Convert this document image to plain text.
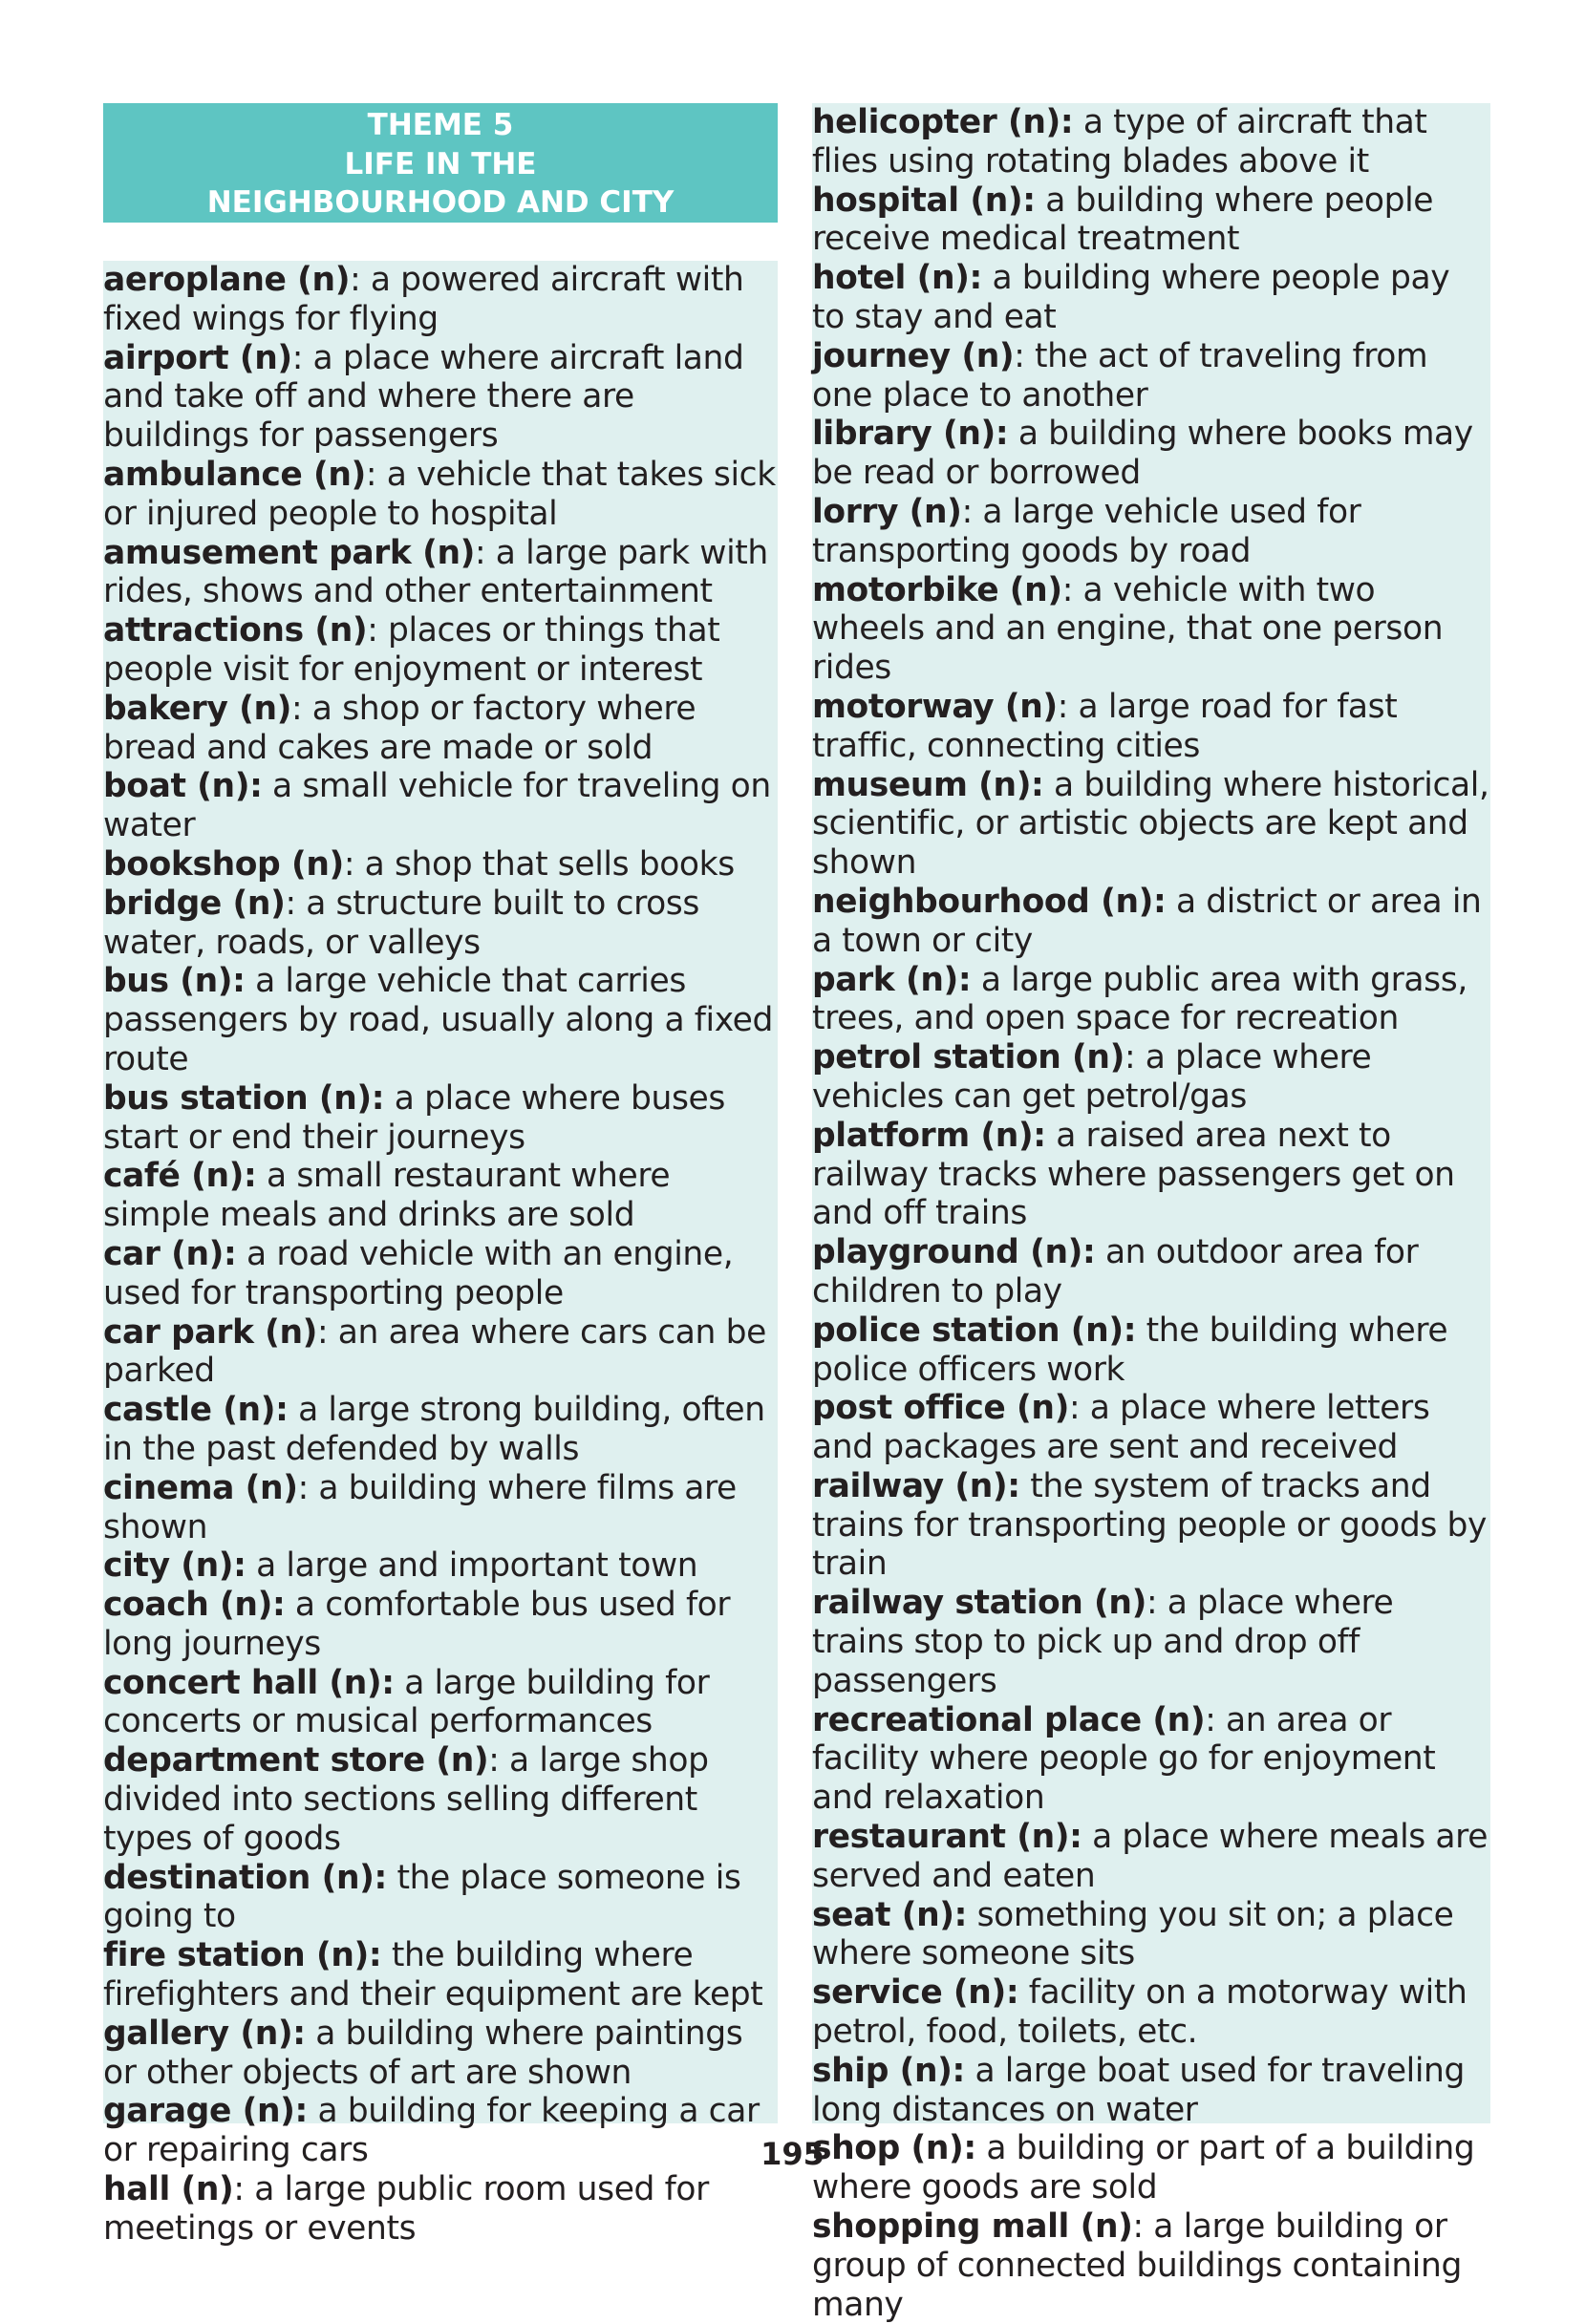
THEME 5
LIFE IN THE
NEIGHBOURHOOD AND CITY

aeroplane (n): a powered aircraft with fixed wings for flying

airport (n): a place where aircraft land and take off and where there are buildings for passengers

ambulance (n): a vehicle that takes sick or injured people to hospital

amusement park (n): a large park with rides, shows and other entertainment

attractions (n): places or things that people visit for enjoyment or interest

bakery (n): a shop or factory where bread and cakes are made or sold

boat (n): a small vehicle for traveling on water

bookshop (n): a shop that sells books

bridge (n): a structure built to cross water, roads, or valleys

bus (n): a large vehicle that carries passengers by road, usually along a fixed route

bus station (n): a place where buses start or end their journeys

café (n): a small restaurant where simple meals and drinks are sold

car (n): a road vehicle with an engine, used for transporting people

car park (n): an area where cars can be parked

castle (n): a large strong building, often in the past defended by walls

cinema (n): a building where films are shown

city (n): a large and important town

coach (n): a comfortable bus used for long journeys

concert hall (n): a large building for concerts or musical performances

department store (n): a large shop divided into sections selling different types of goods

destination (n): the place someone is going to

fire station (n): the building where firefighters and their equipment are kept

gallery (n): a building where paintings or other objects of art are shown

garage (n): a building for keeping a car or repairing cars

hall (n): a large public room used for meetings or events

helicopter (n): a type of aircraft that flies using rotating blades above it

hospital (n): a building where people receive medical treatment

hotel (n): a building where people pay to stay and eat

journey (n): the act of traveling from one place to another

library (n): a building where books may be read or borrowed

lorry (n): a large vehicle used for transporting goods by road

motorbike (n): a vehicle with two wheels and an engine, that one person rides

motorway (n): a large road for fast traffic, connecting cities

museum (n): a building where historical, scientific, or artistic objects are kept and shown

neighbourhood (n): a district or area in a town or city

park (n): a large public area with grass, trees, and open space for recreation

petrol station (n): a place where vehicles can get petrol/gas

platform (n): a raised area next to railway tracks where passengers get on and off trains

playground (n): an outdoor area for children to play

police station (n): the building where police officers work

post office (n): a place where letters and packages are sent and received

railway (n): the system of tracks and trains for transporting people or goods by train

railway station (n): a place where trains stop to pick up and drop off passengers

recreational place (n): an area or facility where people go for enjoyment and relaxation

restaurant (n): a place where meals are served and eaten

seat (n): something you sit on; a place where someone sits

service (n): facility on a motorway with petrol, food, toilets, etc.

ship (n): a large boat used for traveling long distances on water

shop (n): a building or part of a building where goods are sold

shopping mall (n): a large building or group of connected buildings containing many

195
